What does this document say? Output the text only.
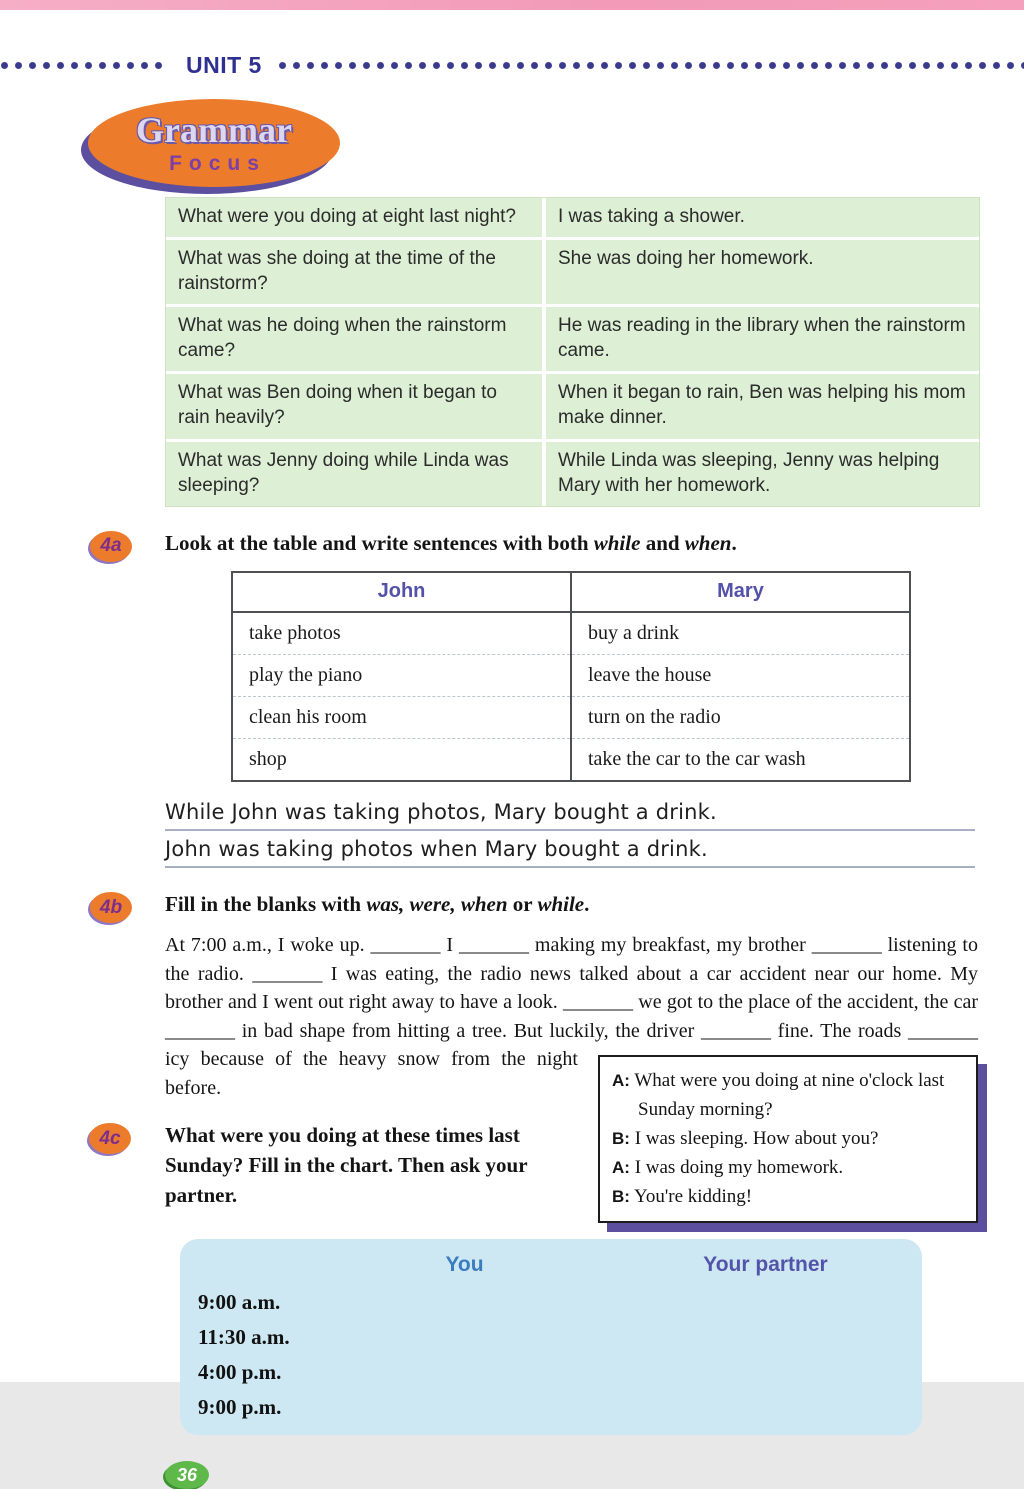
UNIT 5
Grammar
Focus
What were you doing at eight last night?	I was taking a shower.
What was she doing at the time of the rainstorm?	She was doing her homework.
What was he doing when the rainstorm came?	He was reading in the library when the rainstorm came.
What was Ben doing when it began to rain heavily?	When it began to rain, Ben was helping his mom make dinner.
What was Jenny doing while Linda was sleeping?	While Linda was sleeping, Jenny was helping Mary with her homework.
4a	Look at the table and write sentences with both while and when.

John	Mary
take photos	buy a drink
play the piano	leave the house
clean his room	turn on the radio
shop	take the car to the car wash
While John was taking photos, Mary bought a drink.
John was taking photos when Mary bought a drink.
4b	Fill in the blanks with was, were, when or while.

At 7:00 a.m., I woke up. _______ I _______ making my breakfast, my brother _______ listening to the radio. _______ I was eating, the radio news talked about a car accident near our home. My brother and I went out right away to have a look. _______ we got to the place of the accident, the car _______ in bad shape from hitting a tree. But luckily, the driver _______ fine. The roads _______ icy
A: What were you doing at nine o'clock last Sunday morning?
B: I was sleeping. How about you?
A: I was doing my homework.
B: You're kidding!
because of the heavy snow from the night before.

4c	What were you doing at these times last Sunday? Fill in the chart. Then ask your partner.
You	Your partner
9:00 a.m.
11:30 a.m.
4:00 p.m.
9:00 p.m.
36
